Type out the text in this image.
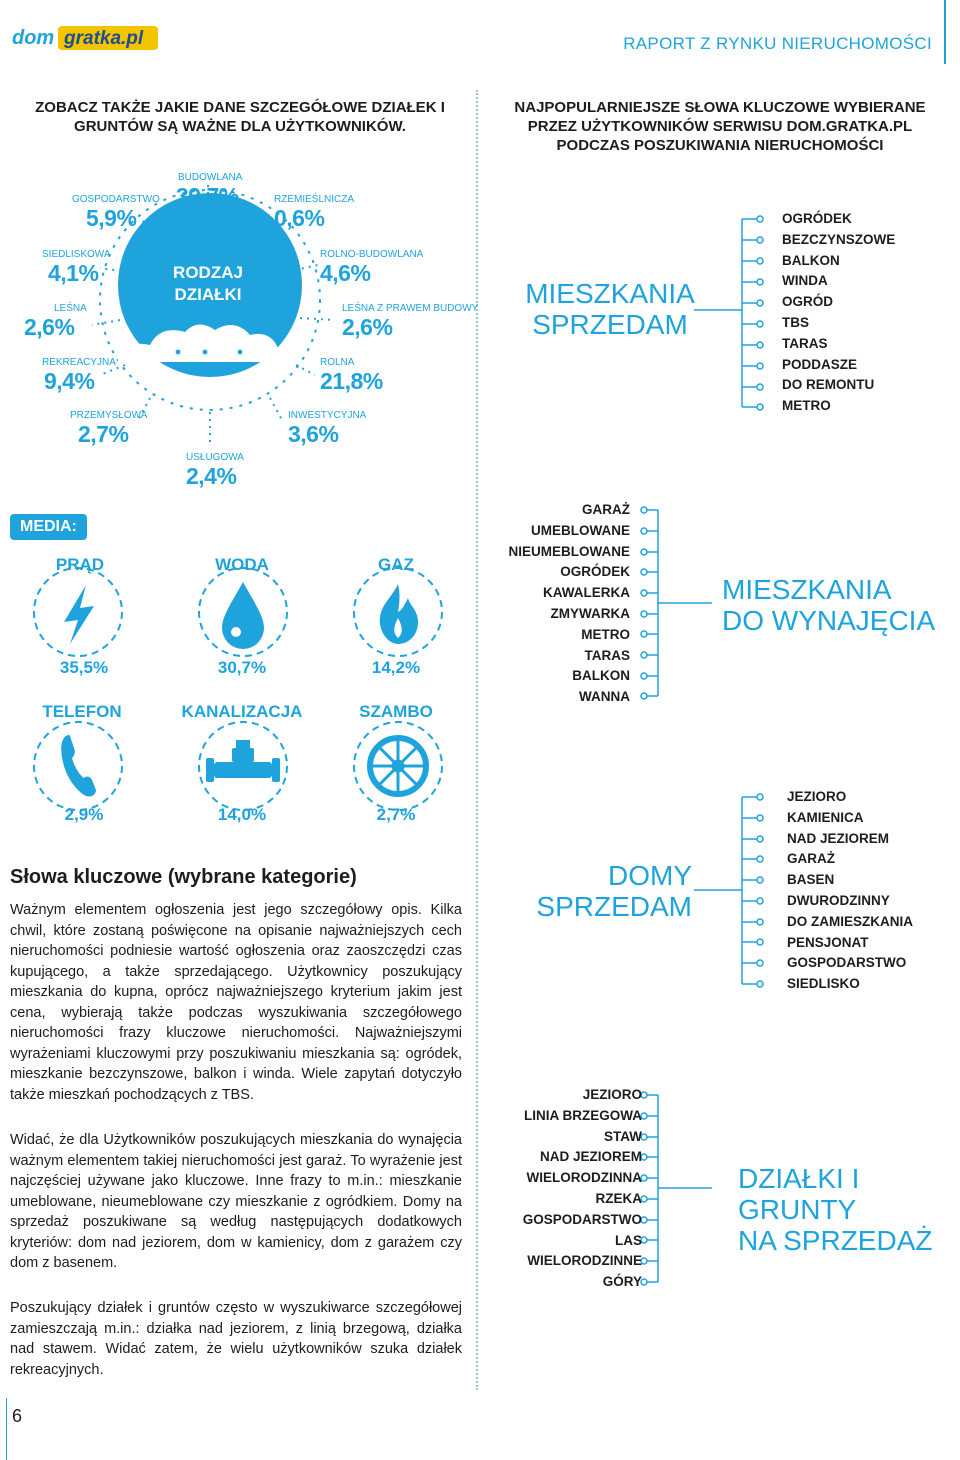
dom gratka.pl	RAPORT Z RYNKU NIERUCHOMOŚCI
ZOBACZ TAKŻE JAKIE DANE SZCZEGÓŁOWE DZIAŁEK I GRUNTÓW SĄ WAŻNE DLA UŻYTKOWNIKÓW.
NAJPOPULARNIEJSZE SŁOWA KLUCZOWE WYBIERANE PRZEZ UŻYTKOWNIKÓW SERWISU DOM.GRATKA.PL PODCZAS POSZUKIWANIA NIERUCHOMOŚCI
RODZAJ DZIAŁKI
BUDOWLANA
39,7%
GOSPODARSTWO
5,9%
RZEMIEŚLNICZA
0,6%
SIEDLISKOWA
4,1%
ROLNO-BUDOWLANA
4,6%
LEŚNA
2,6%
LEŚNA Z PRAWEM BUDOWY
2,6%
REKREACYJNA
9,4%
ROLNA
21,8%
PRZEMYSŁOWA
2,7%
INWESTYCYJNA
3,6%
USŁUGOWA
2,4%
MEDIA:
PRĄD	WODA	GAZ
35,5%	30,7%	14,2%
TELEFON	KANALIZACJA	SZAMBO
2,9%	14,0%	2,7%
Słowa kluczowe (wybrane kategorie)
Ważnym elementem ogłoszenia jest jego szczegółowy opis. Kilka chwil, które zostaną poświęcone na opisanie najważniejszych cech nieruchomości podniesie wartość ogłoszenia oraz zaoszczędzi czas kupującego, a także sprzedającego. Użytkownicy poszukujący mieszkania do kupna, oprócz najważniejszego kryterium jakim jest cena, wybierają także podczas wyszukiwania szczegółowego nieruchomości frazy kluczowe nieruchomości. Najważniejszymi wyrażeniami kluczowymi przy poszukiwaniu mieszkania są: ogródek, mieszkanie bezczynszowe, balkon i winda. Wiele zapytań dotyczyło także mieszkań pochodzących z TBS.
Widać, że dla Użytkowników poszukujących mieszkania do wynajęcia ważnym elementem takiej nieruchomości jest garaż. To wyrażenie jest najczęściej używane jako kluczowe. Inne frazy to m.in.: mieszkanie umeblowane, nieumeblowane czy mieszkanie z ogródkiem. Domy na sprzedaż poszukiwane są według następujących dodatkowych kryteriów: dom nad jeziorem, dom w kamienicy, dom z garażem czy dom z basenem.
Poszukujący działek i gruntów często w wyszukiwarce szczegółowej zamieszczają m.in.: działka nad jeziorem, z linią brzegową, działka nad stawem. Widać zatem, że wielu użytkowników szuka działek rekreacyjnych.
MIESZKANIA
SPRZEDAM
OGRÓDEK
BEZCZYNSZOWE
BALKON
WINDA
OGRÓD
TBS
TARAS
PODDASZE
DO REMONTU
METRO
GARAŻ
UMEBLOWANE
NIEUMEBLOWANE
OGRÓDEK
KAWALERKA
ZMYWARKA
METRO
TARAS
BALKON
WANNA
MIESZKANIA
DO WYNAJĘCIA
DOMY
SPRZEDAM
JEZIORO
KAMIENICA
NAD JEZIOREM
GARAŻ
BASEN
DWURODZINNY
DO ZAMIESZKANIA
PENSJONAT
GOSPODARSTWO
SIEDLISKO
JEZIORO
LINIA BRZEGOWA
STAW
NAD JEZIOREM
WIELORODZINNA
RZEKA
GOSPODARSTWO
LAS
WIELORODZINNE
GÓRY
DZIAŁKI I GRUNTY
NA SPRZEDAŻ
6
